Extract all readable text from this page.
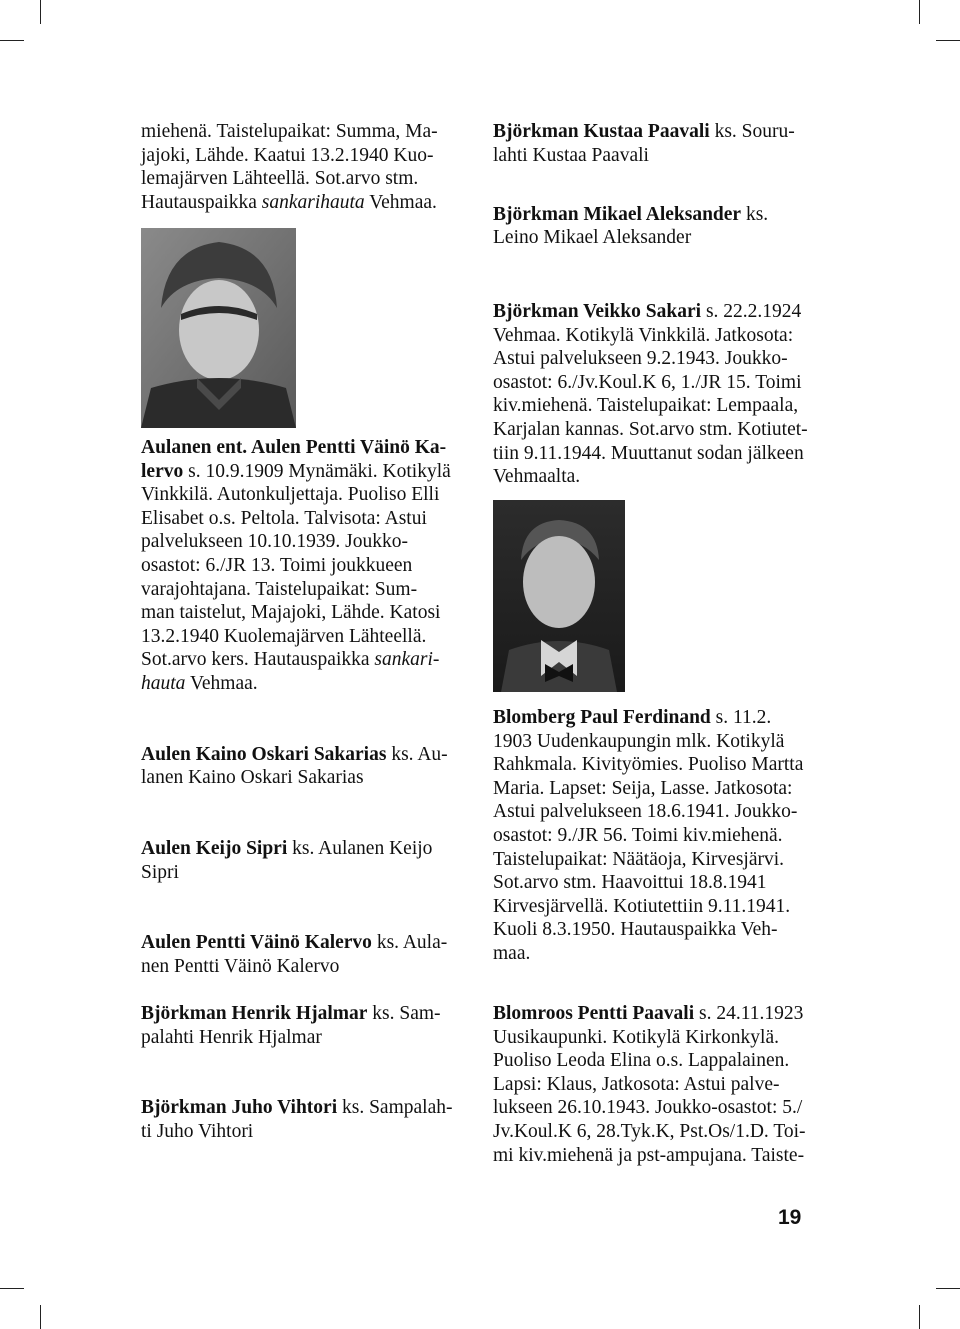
miehenä. Taistelupaikat: Summa, Ma-
jajoki, Lähde. Kaatui 13.2.1940 Kuo-
lemajärven Lähteellä. Sot.arvo stm.
Hautauspaikka sankarihauta Vehmaa.

Aulanen ent. Aulen Pentti Väinö Ka-
lervo s. 10.9.1909 Mynämäki. Kotikylä
Vinkkilä. Autonkuljettaja. Puoliso Elli
Elisabet o.s. Peltola. Talvisota: Astui
palvelukseen 10.10.1939. Joukko-
osastot: 6./JR 13. Toimi joukkueen
varajohtajana. Taistelupaikat: Sum-
man taistelut, Majajoki, Lähde. Katosi
13.2.1940 Kuolemajärven Lähteellä.
Sot.arvo kers. Hautauspaikka sankari-
hauta Vehmaa.

Aulen Kaino Oskari Sakarias ks. Au-
lanen Kaino Oskari Sakarias

Aulen Keijo Sipri ks. Aulanen Keijo
Sipri

Aulen Pentti Väinö Kalervo ks. Aula-
nen Pentti Väinö Kalervo

Björkman Henrik Hjalmar ks. Sam-
palahti Henrik Hjalmar

Björkman Juho Vihtori ks. Sampalah-
ti Juho Vihtori

Björkman Kustaa Paavali ks. Souru-
lahti Kustaa Paavali

Björkman Mikael Aleksander ks.
Leino Mikael Aleksander

Björkman Veikko Sakari s. 22.2.1924
Vehmaa. Kotikylä Vinkkilä. Jatkosota:
Astui palvelukseen 9.2.1943. Joukko-
osastot: 6./Jv.Koul.K 6, 1./JR 15. Toimi
kiv.miehenä. Taistelupaikat: Lempaala,
Karjalan kannas. Sot.arvo stm. Kotiutet-
tiin 9.11.1944. Muuttanut sodan jälkeen
Vehmaalta.

Blomberg Paul Ferdinand s. 11.2.
1903 Uudenkaupungin mlk. Kotikylä
Rahkmala. Kivityömies. Puoliso Martta
Maria. Lapset: Seija, Lasse. Jatkosota:
Astui palvelukseen 18.6.1941. Joukko-
osastot: 9./JR 56. Toimi kiv.miehenä.
Taistelupaikat: Näätäoja, Kirvesjärvi.
Sot.arvo stm. Haavoittui 18.8.1941
Kirvesjärvellä. Kotiutettiin 9.11.1941.
Kuoli 8.3.1950. Hautauspaikka Veh-
maa.

Blomroos Pentti Paavali s. 24.11.1923
Uusikaupunki. Kotikylä Kirkonkylä.
Puoliso Leoda Elina o.s. Lappalainen.
Lapsi: Klaus, Jatkosota: Astui palve-
lukseen 26.10.1943. Joukko-osastot: 5./
Jv.Koul.K 6, 28.Tyk.K, Pst.Os/1.D. Toi-
mi kiv.miehenä ja pst-ampujana. Taiste-

19
